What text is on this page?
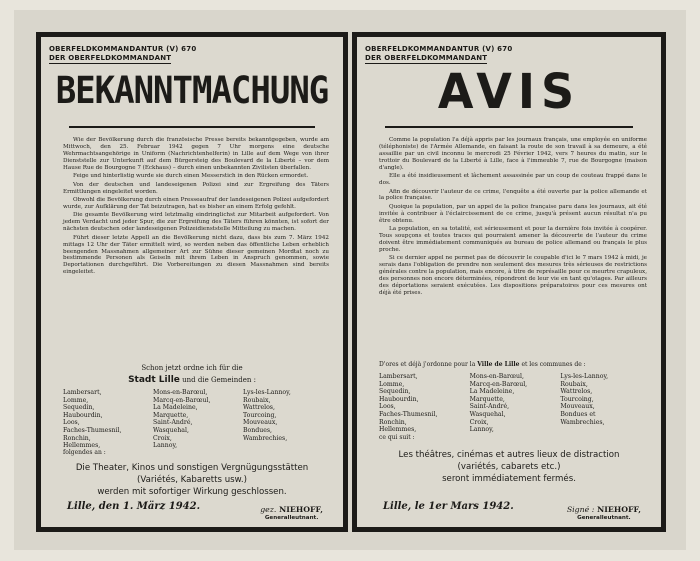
OBERFELDKOMMANDANTUR (V) 670
DER OBERFELDKOMMANDANT
BEKANNTMACHUNG

Wie der Bevölkerung durch die französische Presse bereits bekanntgegeben, wurde am Mittwoch, den 25. Februar 1942 gegen 7 Uhr morgens eine deutsche Wehrmachtsangehörige in Uniform (Nachrichtenhelferin) in Lille auf dem Wege von ihrer Dienststelle zur Unterkunft auf dem Bürgersteig des Boulevard de la Liberté – vor dem Hause Rue de Bourgogne 7 (Eckhaus) – durch einen unbekannten Zivilisten überfallen.

Feige und hinterlistig wurde sie durch einen Messerstich in den Rücken ermordet.

Von der deutschen und landeseigenen Polizei sind zur Ergreifung des Täters Ermittlungen eingeleitet worden.

Obwohl die Bevölkerung durch einen Presseaufruf der landeseigenen Polizei aufgefordert wurde, zur Aufklärung der Tat beizutragen, hat es bisher an einem Erfolg gefehlt.

Die gesamte Bevölkerung wird letztmalig eindringlichst zur Mitarbeit aufgefordert. Von jedem Verdacht und jeder Spur, die zur Ergreifung des Täters führen könnten, ist sofort der nächsten deutschen oder landeseigenen Polizeidienststelle Mitteilung zu machen.

Führt dieser letzte Appell an die Bevölkerung nicht dazu, dass bis zum 7. März 1942 mittags 12 Uhr der Täter ermittelt wird, so werden neben das öffentliche Leben erheblich beengenden Massnahmen allgemeiner Art zur Sühne dieser gemeinen Mordtat noch zu bestimmende Personen als Geiseln mit ihrem Leben in Anspruch genommen, sowie Deportationen durchgeführt. Die Vorbereitungen zu diesen Massnahmen sind bereits eingeleitet.

Schon jetzt ordne ich für die
Stadt Lille und die Gemeinden :
Lambersart,	Mons-en-Barœul,	Lys-les-Lannoy,
Lomme,	Marcq-en-Barœul,	Roubaix,
Sequedin,	La Madeleine,	Wattrelos,
Haubourdin,	Marquette,	Tourcoing,
Loos,	Saint-André,	Mouveaux,
Faches-Thumesnil,	Wasquehal,	Bondues,
Ronchin,	Croix,	Wambrechies,
Hellemmes,	Lannoy,
folgendes an :
Die Theater, Kinos und sonstigen Vergnügungsstätten
(Variétés, Kabaretts usw.)
werden mit sofortiger Wirkung geschlossen.
Lille, den 1. März 1942.	gez. NIEHOFF,
Generalleutnant.
OBERFELDKOMMANDANTUR (V) 670
DER OBERFELDKOMMANDANT
AVIS

Comme la population l'a déjà appris par les journaux français, une employée en uniforme (téléphoniste) de l'Armée Allemande, en faisant la route de son travail à sa demeure, a été assaillie par un civil inconnu le mercredi 25 Février 1942, vers 7 heures du matin, sur le trottoir du Boulevard de la Liberté à Lille, face à l'immeuble 7, rue de Bourgogne (maison d'angle).

Elle a été insidieusement et lâchement assassinée par un coup de couteau frappé dans le dos.

Afin de découvrir l'auteur de ce crime, l'enquête a été ouverte par la police allemande et la police française.

Quoique la population, par un appel de la police française paru dans les journaux, ait été invitée à contribuer à l'éclaircissement de ce crime, jusqu'à présent aucun résultat n'a pu être obtenu.

La population, en sa totalité, est sérieusement et pour la dernière fois invitée à coopérer. Tous soupçons et toutes traces qui pourraient amener la découverte de l'auteur du crime doivent être immédiatement communiqués au bureau de police allemand ou français le plus proche.

Si ce dernier appel ne permet pas de découvrir le coupable d'ici le 7 mars 1942 à midi, je serais dans l'obligation de prendre non seulement des mesures très sérieuses de restrictions générales contre la population, mais encore, à titre de représaille pour ce meurtre crapuleux, des personnes non encore déterminées, répondront de leur vie en tant qu'otages. Par ailleurs des déportations seraient exécutées. Les dispositions préparatoires pour ces mesures ont déjà été prises.

D'ores et déjà j'ordonne pour la Ville de Lille et les communes de :
Lambersart,	Mons-en-Barœul,	Lys-les-Lannoy,
Lomme,	Marcq-en-Barœul,	Roubaix,
Sequedin,	La Madeleine,	Wattrelos,
Haubourdin,	Marquette,	Tourcoing,
Loos,	Saint-André,	Mouveaux,
Faches-Thumesnil,	Wasquehal,	Bondues et
Ronchin,	Croix,	Wambrechies,
Hellemmes,	Lannoy,
ce qui suit :
Les théâtres, cinémas et autres lieux de distraction
(variétés, cabarets etc.)
seront immédiatement fermés.
Lille, le 1er Mars 1942.	Signé : NIEHOFF,
Generalleutnant.
